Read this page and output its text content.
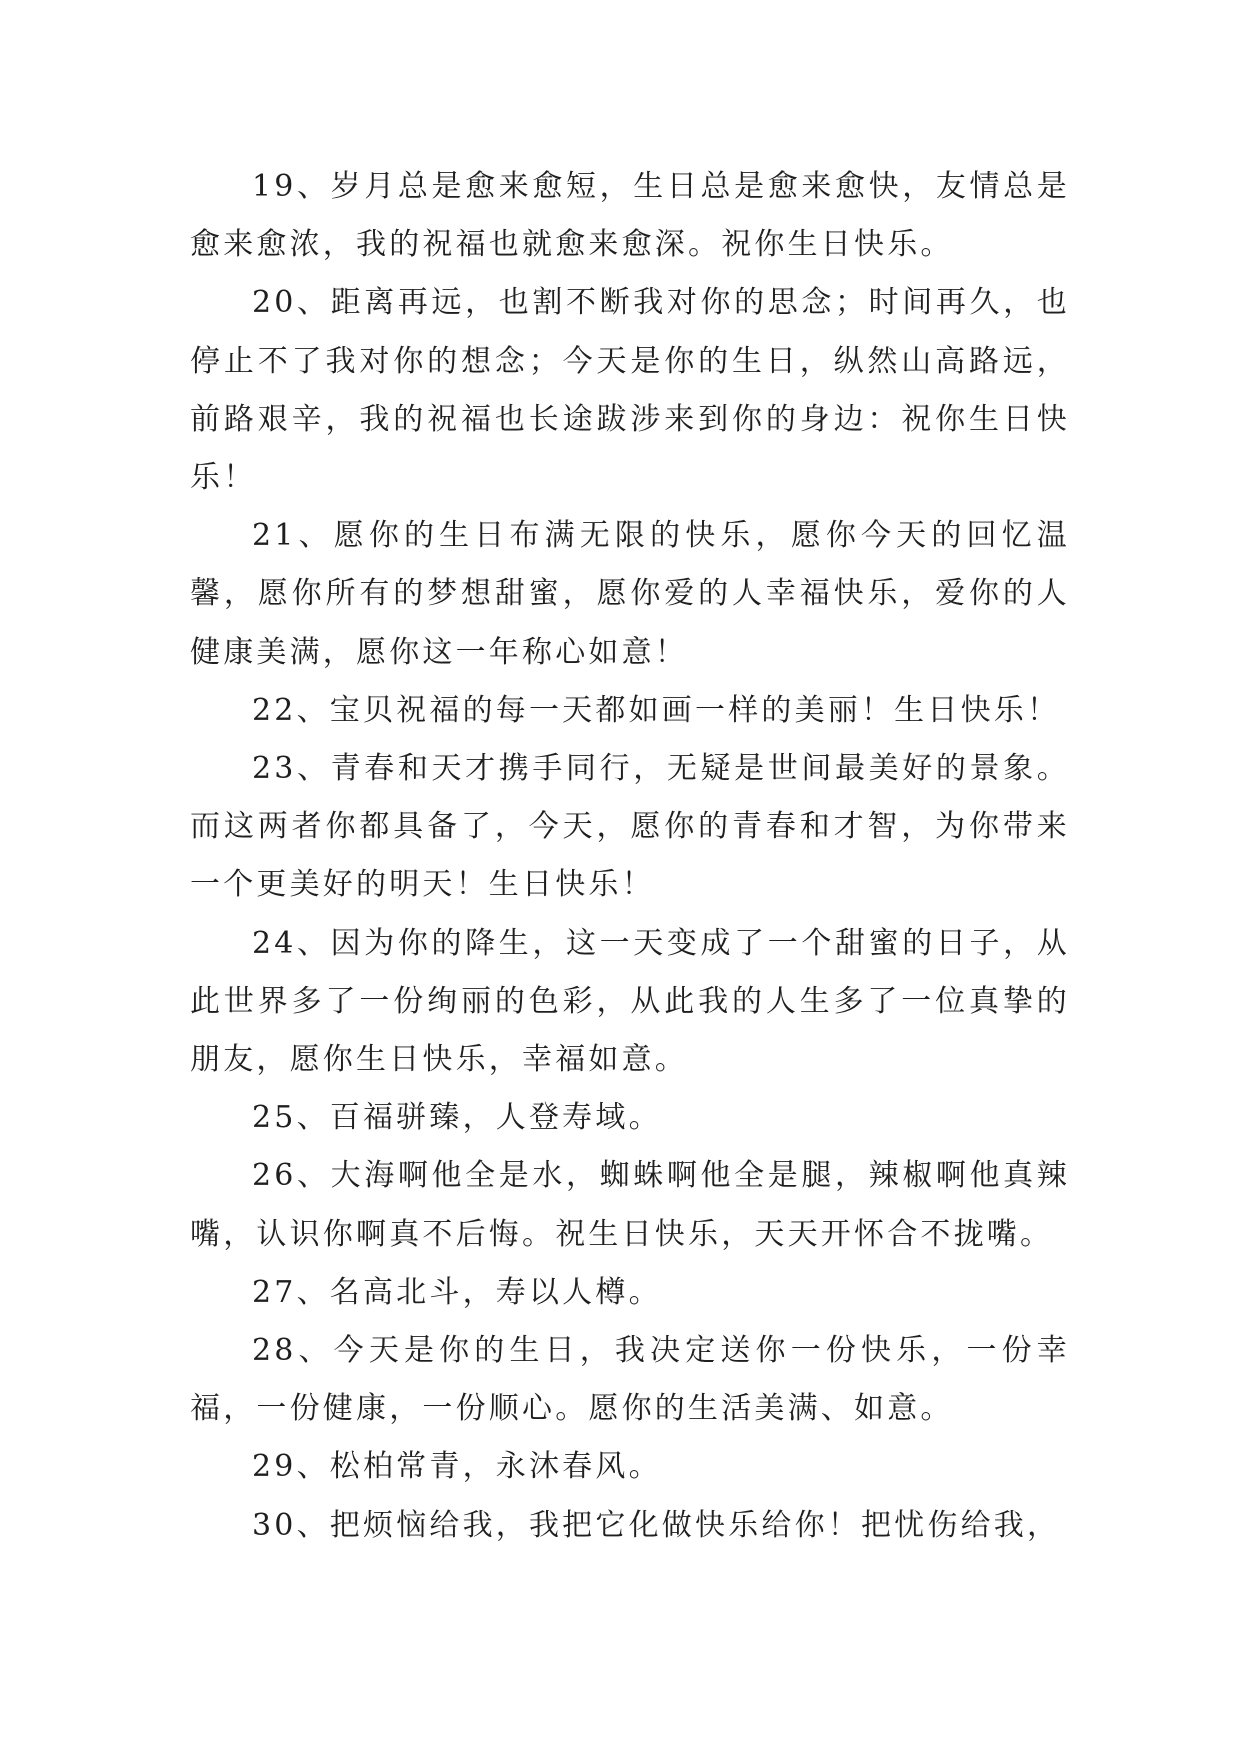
19、岁月总是愈来愈短，生日总是愈来愈快，友情总是愈来愈浓，我的祝福也就愈来愈深。祝你生日快乐。

20、距离再远，也割不断我对你的思念；时间再久，也停止不了我对你的想念；今天是你的生日，纵然山高路远，前路艰辛，我的祝福也长途跋涉来到你的身边：祝你生日快乐！

21、愿你的生日布满无限的快乐，愿你今天的回忆温馨，愿你所有的梦想甜蜜，愿你爱的人幸福快乐，爱你的人健康美满，愿你这一年称心如意！

22、宝贝祝福的每一天都如画一样的美丽！生日快乐！

23、青春和天才携手同行，无疑是世间最美好的景象。而这两者你都具备了，今天，愿你的青春和才智，为你带来一个更美好的明天！生日快乐！

24、因为你的降生，这一天变成了一个甜蜜的日子，从此世界多了一份绚丽的色彩，从此我的人生多了一位真挚的朋友，愿你生日快乐，幸福如意。

25、百福骈臻，人登寿域。

26、大海啊他全是水，蜘蛛啊他全是腿，辣椒啊他真辣嘴，认识你啊真不后悔。祝生日快乐，天天开怀合不拢嘴。

27、名高北斗，寿以人樽。

28、今天是你的生日，我决定送你一份快乐，一份幸福，一份健康，一份顺心。愿你的生活美满、如意。

29、松柏常青，永沐春风。

30、把烦恼给我，我把它化做快乐给你！把忧伤给我，
